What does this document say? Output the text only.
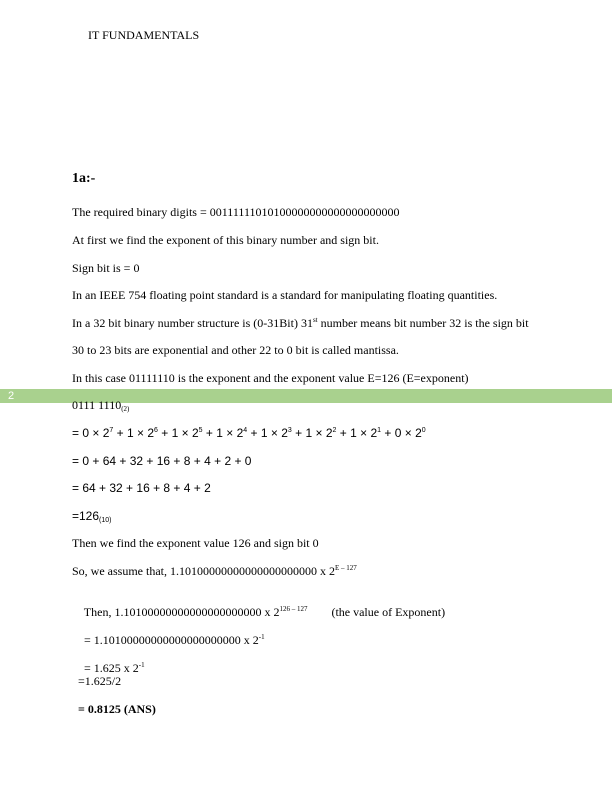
IT FUNDAMENTALS
1a:-
The required binary digits = 00111111010100000000000000000000
At first we find the exponent of this binary number and sign bit.
Sign bit is = 0
In an IEEE 754 floating point standard is a standard for manipulating floating quantities.
In a 32 bit binary number structure is (0-31Bit) 31st number means bit number 32 is the sign bit
30 to 23 bits are exponential and other 22 to 0 bit is called mantissa.
In this case 01111110 is the exponent and the exponent value E=126 (E=exponent)
2
0111 $1110_{(2)}$
= $0 \times 2^7 + 1 \times 2^6 + 1 \times 2^5 + 1 \times 2^4 + 1 \times 2^3 + 1 \times 2^2 + 1 \times 2^1 + 0 \times 2^0$
= 0 + 64 + 32 + 16 + 8 + 4 + 2 + 0
= 64 + 32 + 16 + 8 + 4 + 2
$=126_{(10)}$
Then we find the exponent value 126 and sign bit 0
So, we assume that, 1.10100000000000000000000 x $2^{E - 127}$

Then, 1.10100000000000000000000 x 2$^{126 - 127}$ (the value of Exponent)

= 1.10100000000000000000000 x $2^{-1}$

= 1.625 x $2^{-1}$

=1.625/2
= 0.8125 (ANS)
